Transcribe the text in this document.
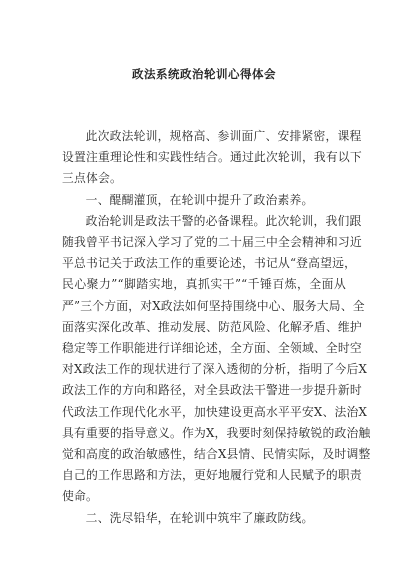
政法系统政治轮训心得体会
此次政法轮训，规格高、参训面广、安排紧密，课程
设置注重理论性和实践性结合。通过此次轮训，我有以下
三点体会。
一、醍醐灌顶，在轮训中提升了政治素养。
政治轮训是政法干警的必备课程。此次轮训，我们跟
随我曾平书记深入学习了党的二十届三中全会精神和习近
平总书记关于政法工作的重要论述，书记从“登高望远，
民心聚力”“脚踏实地，真抓实干”“千锤百炼，全面从
严”三个方面，对X政法如何坚持围绕中心、服务大局、全
面落实深化改革、推动发展、防范风险、化解矛盾、维护
稳定等工作职能进行详细论述，全方面、全领域、全时空
对X政法工作的现状进行了深入透彻的分析，指明了今后X
政法工作的方向和路径，对全县政法干警进一步提升新时
代政法工作现代化水平，加快建设更高水平平安X、法治X
具有重要的指导意义。作为X，我要时刻保持敏锐的政治触
觉和高度的政治敏感性，结合X县情、民情实际，及时调整
自己的工作思路和方法，更好地履行党和人民赋予的职责
使命。
二、洗尽铅华，在轮训中筑牢了廉政防线。
